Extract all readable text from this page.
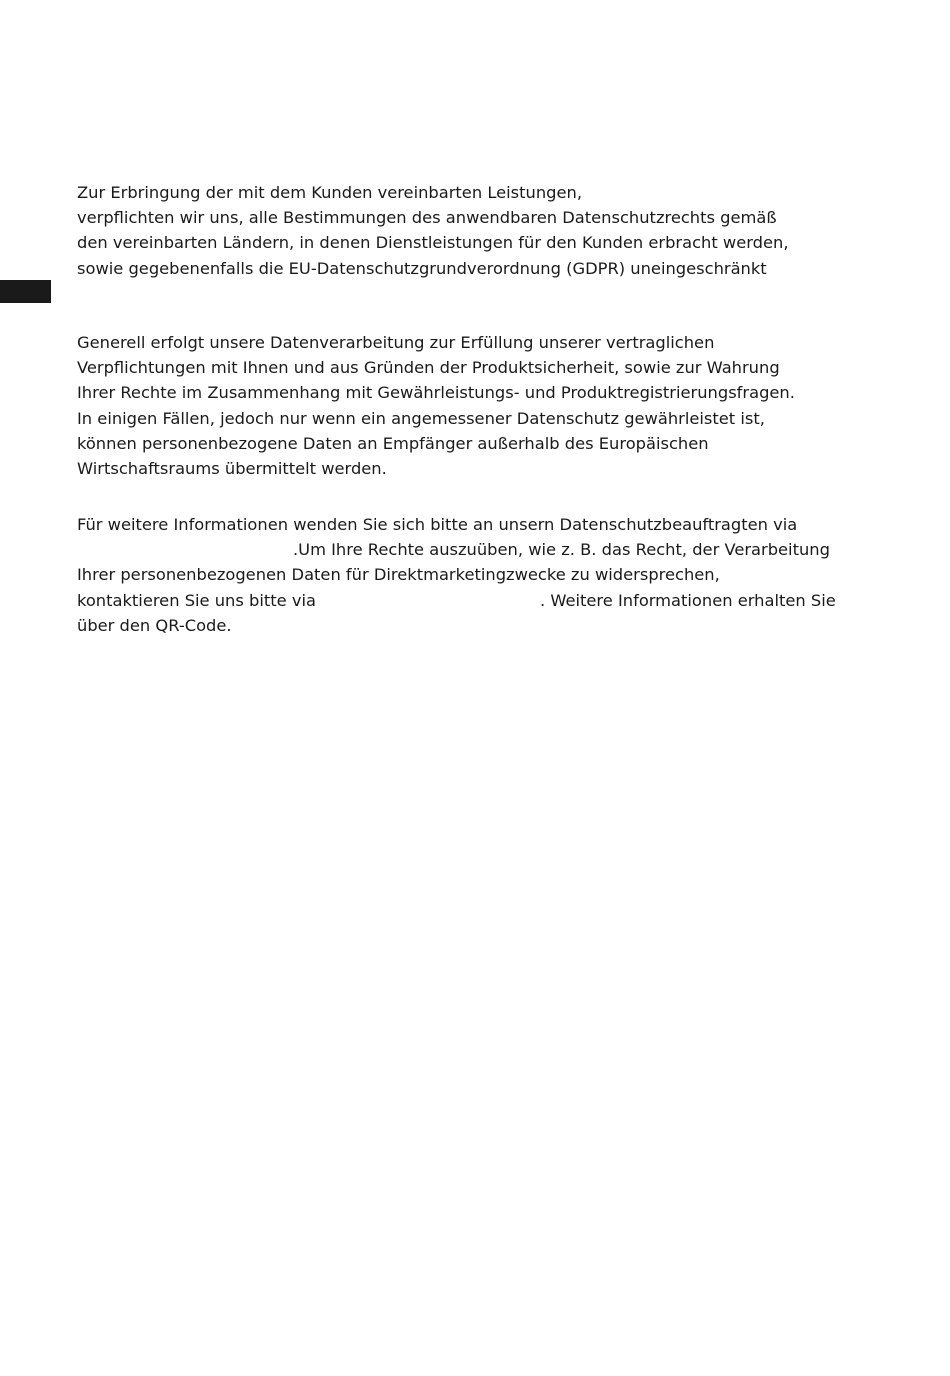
Zur Erbringung der mit dem Kunden vereinbarten Leistungen,
verpflichten wir uns, alle Bestimmungen des anwendbaren Datenschutzrechts gemäß
den vereinbarten Ländern, in denen Dienstleistungen für den Kunden erbracht werden,
sowie gegebenenfalls die EU-Datenschutzgrundverordnung (GDPR) uneingeschränkt

Generell erfolgt unsere Datenverarbeitung zur Erfüllung unserer vertraglichen
Verpflichtungen mit Ihnen und aus Gründen der Produktsicherheit, sowie zur Wahrung
Ihrer Rechte im Zusammenhang mit Gewährleistungs- und Produktregistrierungsfragen.
In einigen Fällen, jedoch nur wenn ein angemessener Datenschutz gewährleistet ist,
können personenbezogene Daten an Empfänger außerhalb des Europäischen
Wirtschaftsraums übermittelt werden.

Für weitere Informationen wenden Sie sich bitte an unsern Datenschutzbeauftragten via
.Um Ihre Rechte auszuüben, wie z. B. das Recht, der Verarbeitung
Ihrer personenbezogenen Daten für Direktmarketingzwecke zu widersprechen,
kontaktieren Sie uns bitte via	. Weitere Informationen erhalten Sie
über den QR-Code.
